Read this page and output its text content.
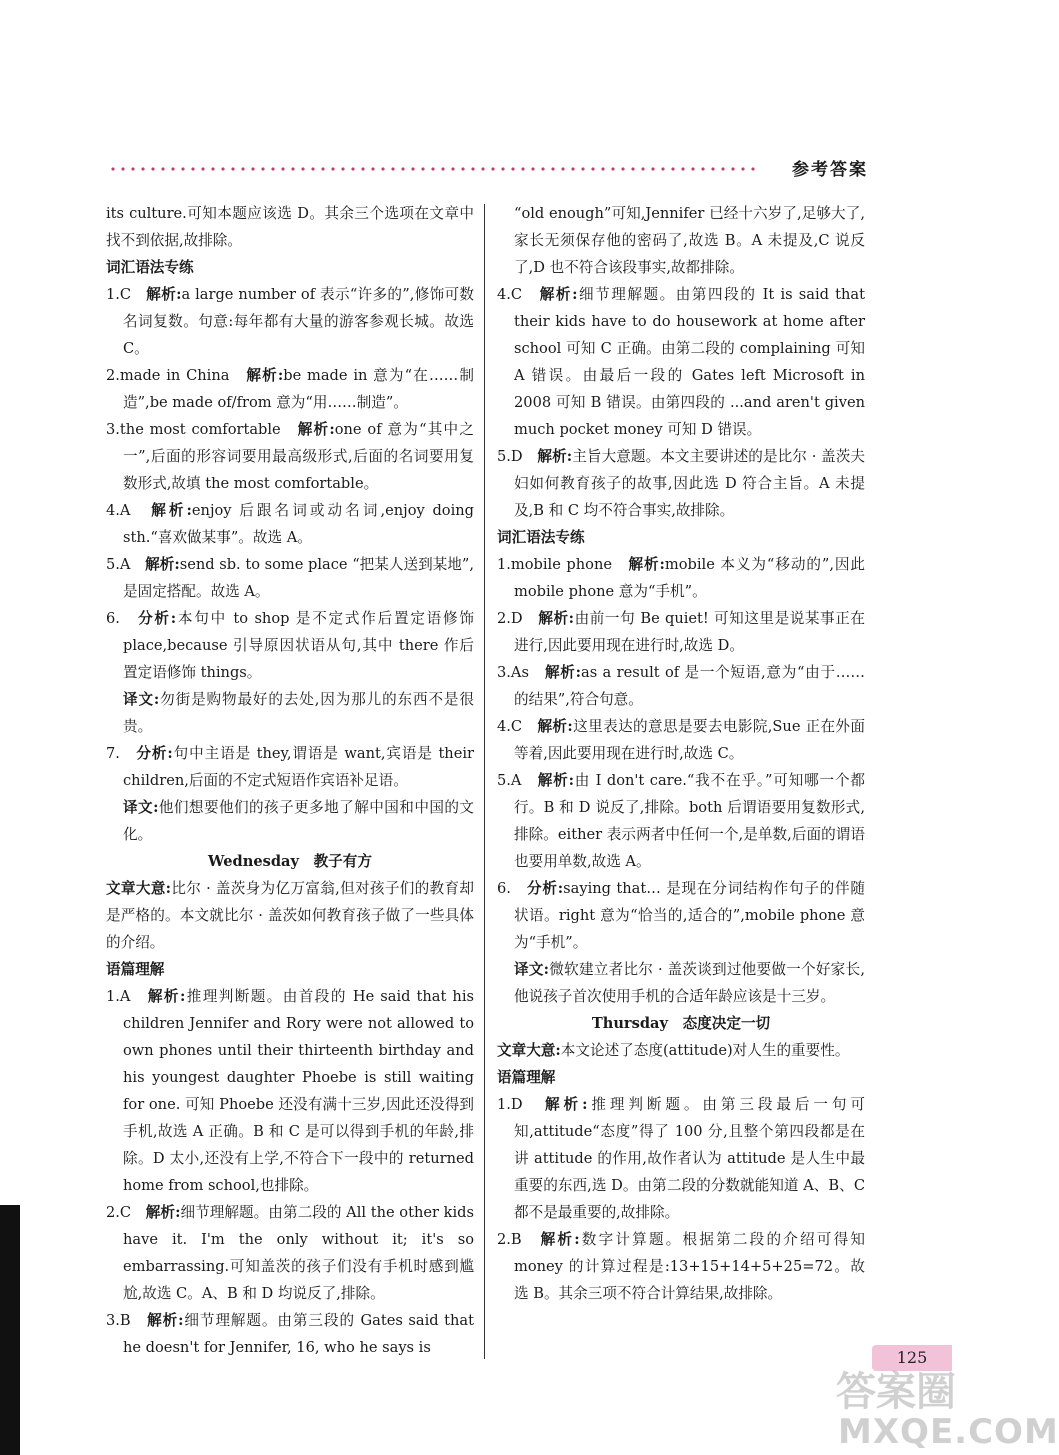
参考答案
its culture.可知本题应该选 D。其余三个选项在文章中找不到依据,故排除。
词汇语法专练
1.C　 解析:a large number of 表示“许多的”,修饰可数名词复数。句意:每年都有大量的游客参观长城。故选 C。
2.made in China　 解析:be made in 意为“在……制造”,be made of/from 意为“用……制造”。
3.the most comfortable　 解析:one of 意为“其中之一”,后面的形容词要用最高级形式,后面的名词要用复数形式,故填 the most comfortable。
4.A　 解析:enjoy 后跟名词或动名词,enjoy doing sth.“喜欢做某事”。故选 A。
5.A　 解析:send sb. to some place “把某人送到某地”,是固定搭配。故选 A。
6.　 分析:本句中 to shop 是不定式作后置定语修饰 place,because 引导原因状语从句,其中 there 作后置定语修饰 things。
译文:勿街是购物最好的去处,因为那儿的东西不是很贵。
7.　 分析:句中主语是 they,谓语是 want,宾语是 their children,后面的不定式短语作宾语补足语。
译文:他们想要他们的孩子更多地了解中国和中国的文化。
Wednesday　教子有方
文章大意:比尔 · 盖茨身为亿万富翁,但对孩子们的教育却是严格的。本文就比尔 · 盖茨如何教育孩子做了一些具体的介绍。
语篇理解
1.A　 解析:推理判断题。由首段的 He said that his children Jennifer and Rory were not allowed to own phones until their thirteenth birthday and his youngest daughter Phoebe is still waiting for one. 可知 Phoebe 还没有满十三岁,因此还没得到手机,故选 A 正确。B 和 C 是可以得到手机的年龄,排除。D 太小,还没有上学,不符合下一段中的 returned home from school,也排除。
2.C　 解析:细节理解题。由第二段的 All the other kids have it. I'm the only without it; it's so embarrassing.可知盖茨的孩子们没有手机时感到尴尬,故选 C。A、B 和 D 均说反了,排除。
3.B　 解析:细节理解题。由第三段的 Gates said that he doesn't for Jennifer, 16, who he says is
“old enough”可知,Jennifer 已经十六岁了,足够大了,家长无须保存他的密码了,故选 B。A 未提及,C 说反了,D 也不符合该段事实,故都排除。
4.C　 解析:细节理解题。由第四段的 It is said that their kids have to do housework at home after school 可知 C 正确。由第二段的 complaining 可知 A 错误。由最后一段的 Gates left Microsoft in 2008 可知 B 错误。由第四段的 ...and aren't given much pocket money 可知 D 错误。
5.D　 解析:主旨大意题。本文主要讲述的是比尔 · 盖茨夫妇如何教育孩子的故事,因此选 D 符合主旨。A 未提及,B 和 C 均不符合事实,故排除。
词汇语法专练
1.mobile phone　 解析:mobile 本义为“移动的”,因此 mobile phone 意为“手机”。
2.D　 解析:由前一句 Be quiet! 可知这里是说某事正在进行,因此要用现在进行时,故选 D。
3.As　 解析:as a result of 是一个短语,意为“由于……的结果”,符合句意。
4.C　 解析:这里表达的意思是要去电影院,Sue 正在外面等着,因此要用现在进行时,故选 C。
5.A　 解析:由 I don't care.“我不在乎。”可知哪一个都行。B 和 D 说反了,排除。both 后谓语要用复数形式,排除。either 表示两者中任何一个,是单数,后面的谓语也要用单数,故选 A。
6.　 分析:saying that… 是现在分词结构作句子的伴随状语。right 意为“恰当的,适合的”,mobile phone 意为“手机”。
译文:微软建立者比尔 · 盖茨谈到过他要做一个好家长,他说孩子首次使用手机的合适年龄应该是十三岁。
Thursday　态度决定一切
文章大意:本文论述了态度(attitude)对人生的重要性。
语篇理解
1.D　 解析:推理判断题。由第三段最后一句可知,attitude“态度”得了 100 分,且整个第四段都是在讲 attitude 的作用,故作者认为 attitude 是人生中最重要的东西,选 D。由第二段的分数就能知道 A、B、C 都不是最重要的,故排除。
2.B　 解析:数字计算题。根据第二段的介绍可得知 money 的计算过程是:13+15+14+5+25=72。故选 B。其余三项不符合计算结果,故排除。
125
答案圈
MXQE.COM
